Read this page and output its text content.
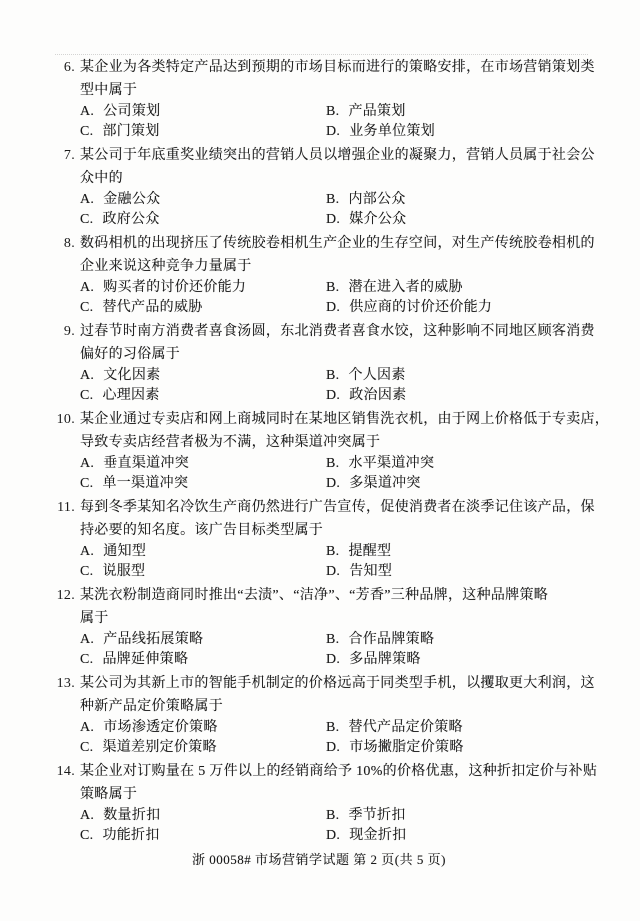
6. 某企业为各类特定产品达到预期的市场目标而进行的策略安排，在市场营销策划类
型中属于
A. 公司策划	B. 产品策划
C. 部门策划	D. 业务单位策划
7. 某公司于年底重奖业绩突出的营销人员以增强企业的凝聚力，营销人员属于社会公
众中的
A. 金融公众	B. 内部公众
C. 政府公众	D. 媒介公众
8. 数码相机的出现挤压了传统胶卷相机生产企业的生存空间，对生产传统胶卷相机的
企业来说这种竞争力量属于
A. 购买者的讨价还价能力	B. 潜在进入者的威胁
C. 替代产品的威胁	D. 供应商的讨价还价能力
9. 过春节时南方消费者喜食汤圆，东北消费者喜食水饺，这种影响不同地区顾客消费
偏好的习俗属于
A. 文化因素	B. 个人因素
C. 心理因素	D. 政治因素
10. 某企业通过专卖店和网上商城同时在某地区销售洗衣机，由于网上价格低于专卖店，
导致专卖店经营者极为不满，这种渠道冲突属于
A. 垂直渠道冲突	B. 水平渠道冲突
C. 单一渠道冲突	D. 多渠道冲突
11. 每到冬季某知名冷饮生产商仍然进行广告宣传，促使消费者在淡季记住该产品，保
持必要的知名度。该广告目标类型属于
A. 通知型	B. 提醒型
C. 说服型	D. 告知型
12. 某洗衣粉制造商同时推出“去渍”、“洁净”、“芳香”三种品牌，这种品牌策略
属于
A. 产品线拓展策略	B. 合作品牌策略
C. 品牌延伸策略	D. 多品牌策略
13. 某公司为其新上市的智能手机制定的价格远高于同类型手机，以攫取更大利润，这
种新产品定价策略属于
A. 市场渗透定价策略	B. 替代产品定价策略
C. 渠道差别定价策略	D. 市场撇脂定价策略
14. 某企业对订购量在 5 万件以上的经销商给予 10%的价格优惠，这种折扣定价与补贴
策略属于
A. 数量折扣	B. 季节折扣
C. 功能折扣	D. 现金折扣
浙 00058# 市场营销学试题 第 2 页(共 5 页)
